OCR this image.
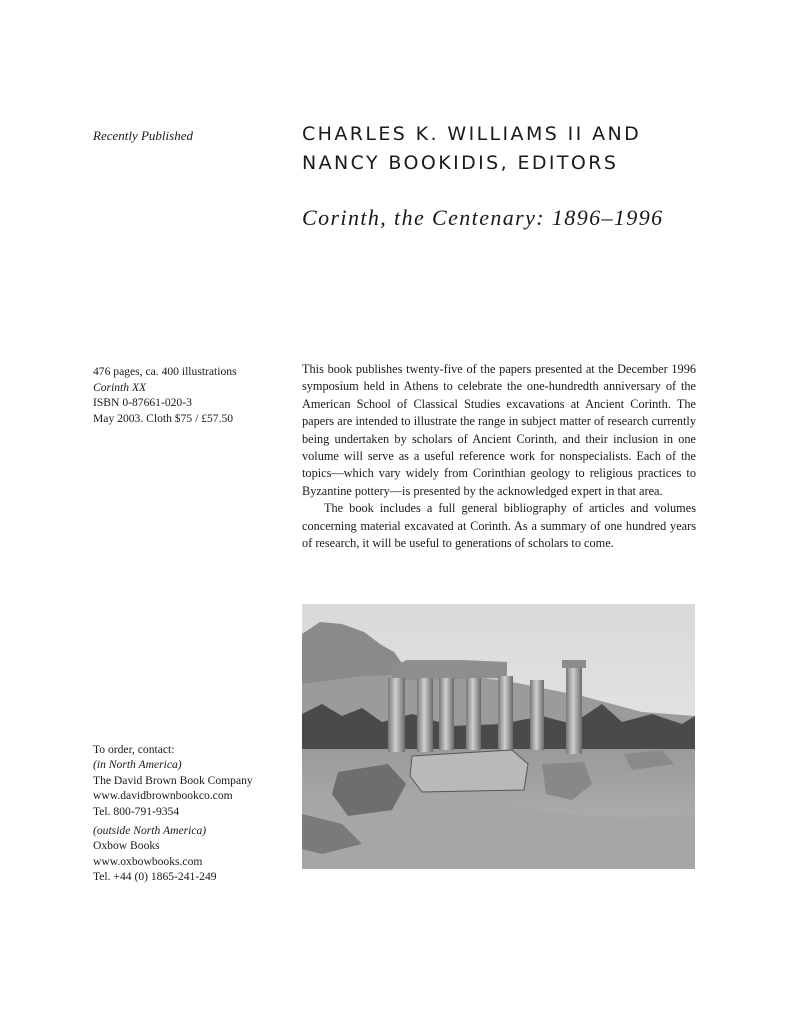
Recently Published	CHARLES K. WILLIAMS II AND
NANCY BOOKIDIS, EDITORS
Corinth, the Centenary: 1896–1996
476 pages, ca. 400 illustrations
Corinth XX
ISBN 0-87661-020-3
May 2003. Cloth $75 / £57.50

This book publishes twenty-five of the papers presented at the December 1996 symposium held in Athens to celebrate the one-hundredth anniversary of the American School of Classical Studies excavations at Ancient Corinth. The papers are intended to illustrate the range in subject matter of research currently being undertaken by scholars of Ancient Corinth, and their inclusion in one volume will serve as a useful reference work for nonspecialists. Each of the topics—which vary widely from Corinthian geology to religious practices to Byzantine pottery—is presented by the acknowledged expert in that area.

The book includes a full general bibliography of articles and volumes concerning material excavated at Corinth. As a summary of one hundred years of research, it will be useful to generations of scholars to come.

To order, contact:
(in North America)
The David Brown Book Company
www.davidbrownbookco.com
Tel. 800-791-9354
(outside North America)
Oxbow Books
www.oxbowbooks.com
Tel. +44 (0) 1865-241-249
